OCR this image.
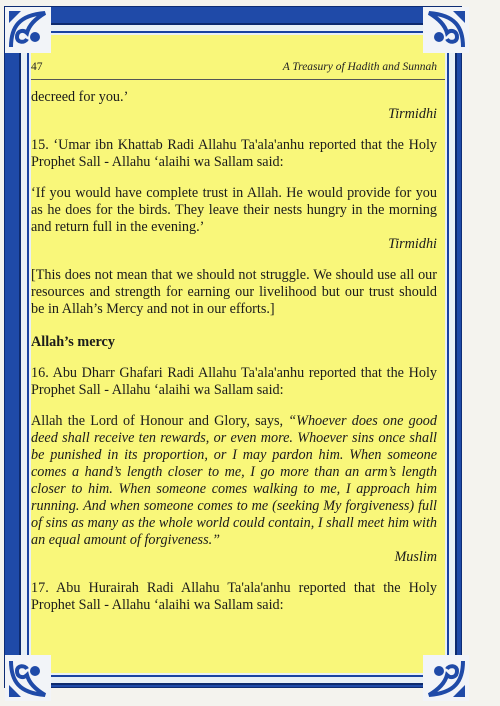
47	A Treasury of Hadith and Sunnah

decreed for you.’

Tirmidhi

15. ‘Umar ibn Khattab Radi Allahu Ta'ala'anhu reported that the Holy Prophet Sall - Allahu ‘alaihi wa Sallam said:

‘If you would have complete trust in Allah. He would provide for you as he does for the birds. They leave their nests hungry in the morning and return full in the evening.’

Tirmidhi

[This does not mean that we should not struggle. We should use all our resources and strength for earning our livelihood but our trust should be in Allah’s Mercy and not in our efforts.]

Allah’s mercy

16. Abu Dharr Ghafari Radi Allahu Ta'ala'anhu reported that the Holy Prophet Sall - Allahu ‘alaihi wa Sallam said:

Allah the Lord of Honour and Glory, says, “Whoever does one good deed shall receive ten rewards, or even more. Whoever sins once shall be punished in its proportion, or I may pardon him. When someone comes a hand’s length closer to me, I go more than an arm’s length closer to him. When someone comes walking to me, I approach him running. And when someone comes to me (seeking My forgiveness) full of sins as many as the whole world could contain, I shall meet him with an equal amount of forgiveness.”

Muslim

17. Abu Hurairah Radi Allahu Ta'ala'anhu reported that the Holy Prophet Sall - Allahu ‘alaihi wa Sallam said:
